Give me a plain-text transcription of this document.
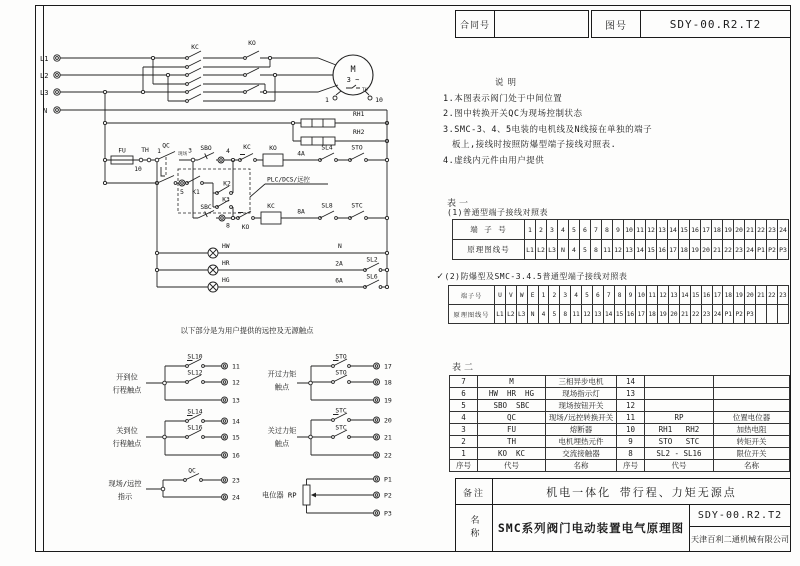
合同号	图号	SDY-00.R2.T2
说明
1.本图表示阀门处于中间位置
2.图中转换开关QC为现场控制状态
3.SMC-3、4、5电装的电机线及N线接在单独的端子
板上,接线时按照防爆型端子接线对照表.
4.虚线内元件由用户提供
表一
(1)普通型端子接线对照表
端 子 号	1	2	3	4	5	6	7	8	9	10	11	12	13	14	15	16	17	18	19	20	21	22	23	24
原理图线号	L1	L2	L3	N	4	5	8	11	12	13	14	15	16	17	18	19	20	21	22	23	24	P1	P2	P3
✓(2)防爆型及SMC-3.4.5普通型端子接线对照表
端子号	U	V	W	E	1	2	3	4	5	6	7	8	9	10	11	12	13	14	15	16	17	18	19	20	21	22	23
原理图线号	L1	L2	L3	N	4	5	8	11	12	13	14	15	16	17	18	19	20	21	22	23	24	P1	P2	P3			
表二
7	M	三相异步电机	14		
6	HW  HR  HG	现场指示灯	13		
5	SBO  SBC	现场按钮开关	12		
4	QC	现场/远控转换开关	11	RP	位置电位器
3	FU	熔断器	10	RH1   RH2	加热电阻
2	TH	电机埋热元件	9	STO   STC	转矩开关
1	KO  KC	交流接触器	8	SL2 - SL16	限位开关
序号	代号	名称	序号	代号	名称
备注	机电一体化 带行程、力矩无源点
名称	SMC系列阀门电动装置电气原理图
SDY-00.R2.T2
天津百利二通机械有限公司
L1
L2
L3
N
KC
KO
M
3 ~
TH
1	10
RH1
RH2
FU TH
10
1
QC
现场 3 SBO 4
KC	KO
4A
SL4	STO
5 K1
K2
K3
PLC/DCS/远控
SBC
8 KO
KC
8A
SL8	STC
HW	N
HR	2A
SL2
HG	6A
SL6
以下部分是为用户提供的远控及无源触点
开到位
行程触点
SL10
SL12
11
12
13
开过力矩
触点
STO
STO
17
18
19
关到位
行程触点
SL14
SL16
14
15
16
关过力矩
触点
STC
STC
20
21
22
现场/远控
指示
QC
23
24	电位器 RP
P1
P2
P3
